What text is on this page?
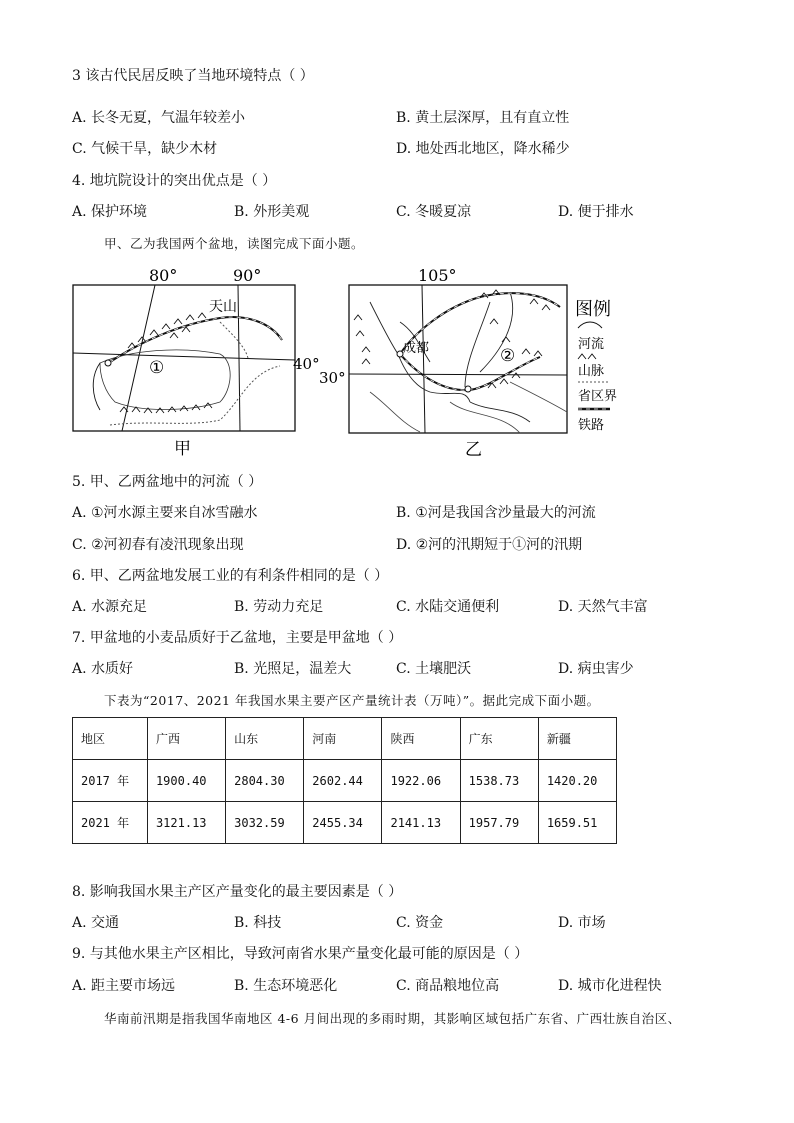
3 该古代民居反映了当地环境特点（ ）
A. 长冬无夏，气温年较差小	B. 黄土层深厚，且有直立性
C. 气候干旱，缺少木材	D. 地处西北地区，降水稀少
4. 地坑院设计的突出优点是（ ）
A. 保护环境	B. 外形美观	C. 冬暖夏凉	D. 便于排水
甲、乙为我国两个盆地，读图完成下面小题。
80°	90°
天山
①	40°
甲
105°
30°
成都	②
乙
图例
河流
山脉
省区界
铁路
5. 甲、乙两盆地中的河流（ ）
A. ①河水源主要来自冰雪融水	B. ①河是我国含沙量最大的河流
C. ②河初春有凌汛现象出现	D. ②河的汛期短于①河的汛期
6. 甲、乙两盆地发展工业的有利条件相同的是（ ）
A. 水源充足	B. 劳动力充足	C. 水陆交通便利	D. 天然气丰富
7. 甲盆地的小麦品质好于乙盆地，主要是甲盆地（ ）
A. 水质好	B. 光照足，温差大	C. 土壤肥沃	D. 病虫害少
下表为“2017、2021 年我国水果主要产区产量统计表（万吨）”。据此完成下面小题。
地区	广西	山东	河南	陕西	广东	新疆
2017 年	1900.40	2804.30	2602.44	1922.06	1538.73	1420.20
2021 年	3121.13	3032.59	2455.34	2141.13	1957.79	1659.51
8. 影响我国水果主产区产量变化的最主要因素是（ ）
A. 交通	B. 科技	C. 资金	D. 市场
9. 与其他水果主产区相比，导致河南省水果产量变化最可能的原因是（ ）
A. 距主要市场远	B. 生态环境恶化	C. 商品粮地位高	D. 城市化进程快
华南前汛期是指我国华南地区 4-6 月间出现的多雨时期，其影响区域包括广东省、广西壮族自治区、
